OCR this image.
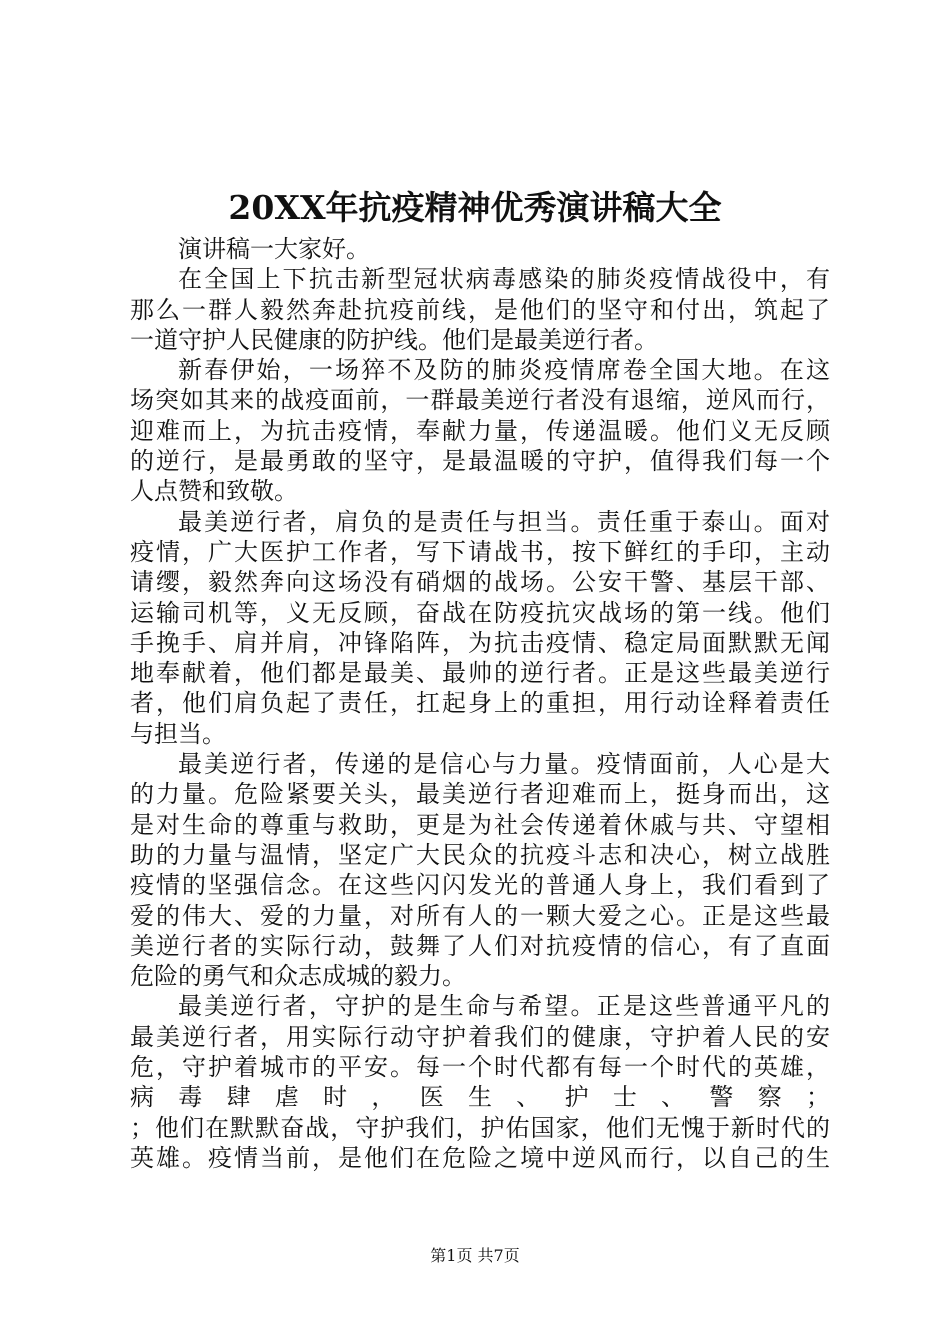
20XX年抗疫精神优秀演讲稿大全
演讲稿一大家好。
在全国上下抗击新型冠状病毒感染的肺炎疫情战役中，有
那么一群人毅然奔赴抗疫前线，是他们的坚守和付出，筑起了
一道守护人民健康的防护线。他们是最美逆行者。
新春伊始，一场猝不及防的肺炎疫情席卷全国大地。在这
场突如其来的战疫面前，一群最美逆行者没有退缩，逆风而行，
迎难而上，为抗击疫情，奉献力量，传递温暖。他们义无反顾
的逆行，是最勇敢的坚守，是最温暖的守护，值得我们每一个
人点赞和致敬。
最美逆行者，肩负的是责任与担当。责任重于泰山。面对
疫情，广大医护工作者，写下请战书，按下鲜红的手印，主动
请缨，毅然奔向这场没有硝烟的战场。公安干警、基层干部、
运输司机等，义无反顾，奋战在防疫抗灾战场的第一线。他们
手挽手、肩并肩，冲锋陷阵，为抗击疫情、稳定局面默默无闻
地奉献着，他们都是最美、最帅的逆行者。正是这些最美逆行
者，他们肩负起了责任，扛起身上的重担，用行动诠释着责任
与担当。
最美逆行者，传递的是信心与力量。疫情面前，人心是大
的力量。危险紧要关头，最美逆行者迎难而上，挺身而出，这
是对生命的尊重与救助，更是为社会传递着休戚与共、守望相
助的力量与温情，坚定广大民众的抗疫斗志和决心，树立战胜
疫情的坚强信念。在这些闪闪发光的普通人身上，我们看到了
爱的伟大、爱的力量，对所有人的一颗大爱之心。正是这些最
美逆行者的实际行动，鼓舞了人们对抗疫情的信心，有了直面
危险的勇气和众志成城的毅力。
最美逆行者，守护的是生命与希望。正是这些普通平凡的
最美逆行者，用实际行动守护着我们的健康，守护着人民的安
危，守护着城市的平安。每一个时代都有每一个时代的英雄，
病毒肆虐时，医生、护士、警察；
；他们在默默奋战，守护我们，护佑国家，他们无愧于新时代的
英雄。疫情当前，是他们在危险之境中逆风而行，以自己的生
第1页 共7页
